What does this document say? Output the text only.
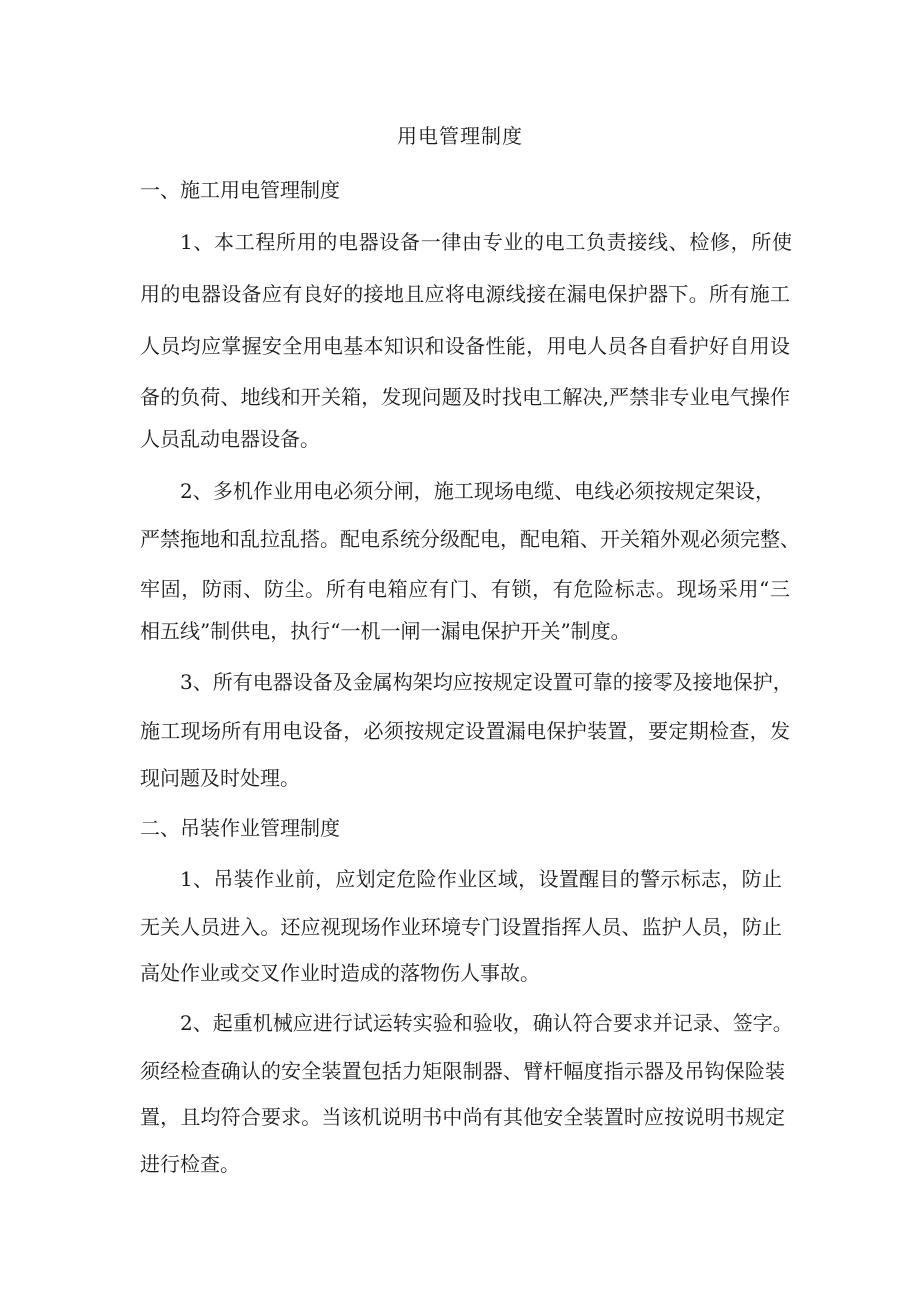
用电管理制度
一、施工用电管理制度
1、本工程所用的电器设备一律由专业的电工负责接线、检修，所使
用的电器设备应有良好的接地且应将电源线接在漏电保护器下。所有施工
人员均应掌握安全用电基本知识和设备性能，用电人员各自看护好自用设
备的负荷、地线和开关箱，发现问题及时找电工解决,严禁非专业电气操作
人员乱动电器设备。
2、多机作业用电必须分闸，施工现场电缆、电线必须按规定架设，
严禁拖地和乱拉乱搭。配电系统分级配电，配电箱、开关箱外观必须完整、
牢固，防雨、防尘。所有电箱应有门、有锁，有危险标志。现场采用“三
相五线”制供电，执行“一机一闸一漏电保护开关”制度。
3、所有电器设备及金属构架均应按规定设置可靠的接零及接地保护，
施工现场所有用电设备，必须按规定设置漏电保护装置，要定期检查，发
现问题及时处理。
二、吊装作业管理制度
1、吊装作业前，应划定危险作业区域，设置醒目的警示标志，防止
无关人员进入。还应视现场作业环境专门设置指挥人员、监护人员，防止
高处作业或交叉作业时造成的落物伤人事故。
2、起重机械应进行试运转实验和验收，确认符合要求并记录、签字。
须经检查确认的安全装置包括力矩限制器、臂杆幅度指示器及吊钩保险装
置，且均符合要求。当该机说明书中尚有其他安全装置时应按说明书规定
进行检查。
